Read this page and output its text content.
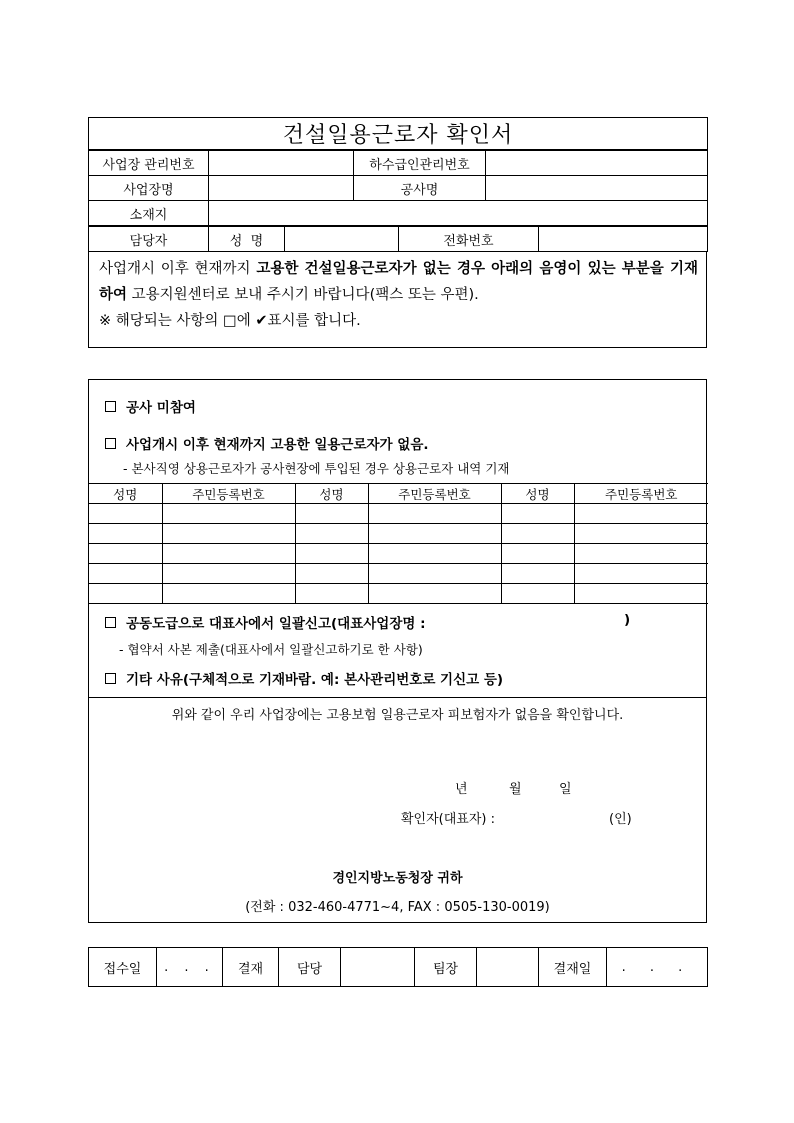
건설일용근로자 확인서
사업장 관리번호		하수급인관리번호	
사업장명		공사명	
소재지			
담당자	성  명		전화번호	
사업개시 이후 현재까지 고용한 건설일용근로자가 없는 경우 아래의 음영이 있는 부분을 기재하여 고용지원센터로 보내 주시기 바랍니다(팩스 또는 우편).
※ 해당되는 사항의 □에 ✔표시를 합니다.
공사 미참여
사업개시 이후 현재까지 고용한 일용근로자가 없음.
- 본사직영 상용근로자가 공사현장에 투입된 경우 상용근로자 내역 기재
성명	주민등록번호	성명	주민등록번호	성명	주민등록번호

공동도급으로 대표사에서 일괄신고(대표사업장명 :	)
- 협약서 사본 제출(대표사에서 일괄신고하기로 한 사항)
기타 사유(구체적으로 기재바람. 예: 본사관리번호로 기신고 등)
위와 같이 우리 사업장에는 고용보험 일용근로자 피보험자가 없음을 확인합니다.
년	월	일
확인자(대표자) :	(인)
경인지방노동청장 귀하
(전화 : 032-460-4771~4, FAX : 0505-130-0019)
접수일	. . .	결재	담당		팀장		결재일	. . .
